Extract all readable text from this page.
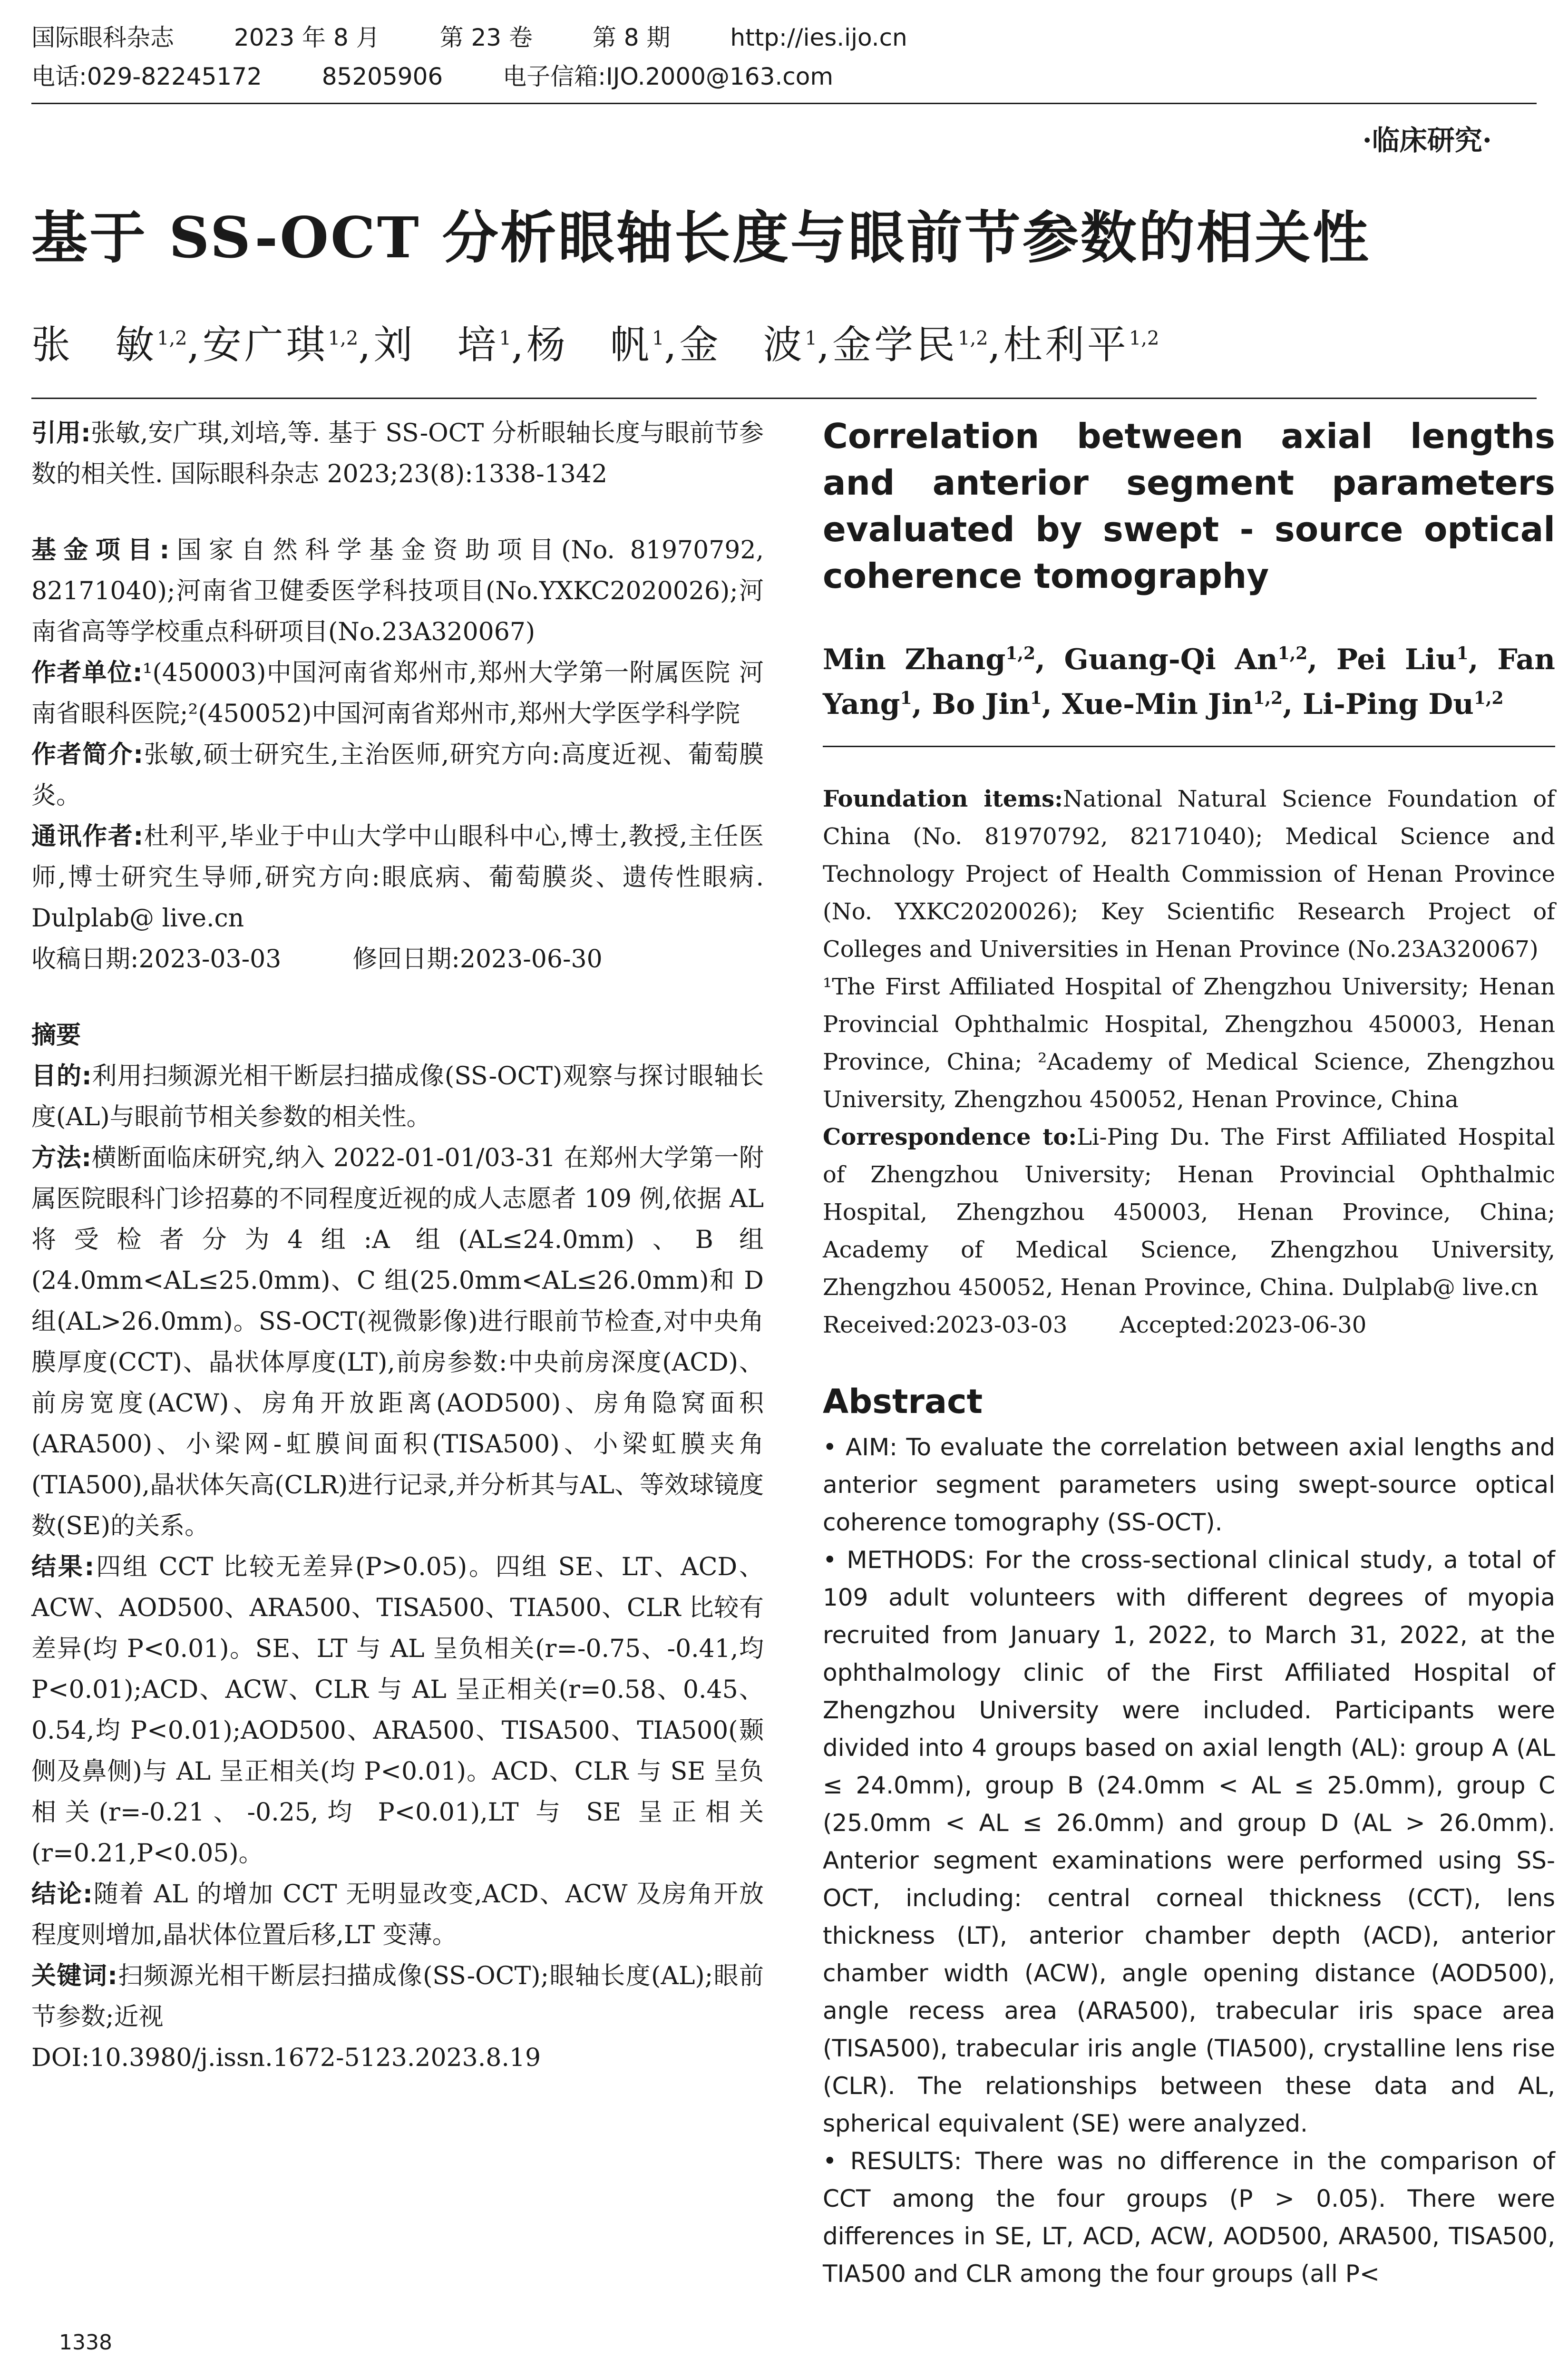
国际眼科杂志	2023 年 8 月	第 23 卷	第 8 期	http://ies.ijo.cn
电话:029-82245172	85205906	电子信箱:IJO.2000@163.com
·临床研究·
基于 SS-OCT 分析眼轴长度与眼前节参数的相关性
张　敏$^{1,2}$,安广琪$^{1,2}$,刘　培$^1$,杨　帆$^1$,金　波$^1$,金学民$^{1,2}$,杜利平$^{1,2}$

引用:张敏,安广琪,刘培,等. 基于 SS-OCT 分析眼轴长度与眼前节参数的相关性. 国际眼科杂志 2023;23(8):1338-1342

基金项目:国家自然科学基金资助项目(No. 81970792, 82171040);河南省卫健委医学科技项目(No.YXKC2020026);河南省高等学校重点科研项目(No.23A320067)

作者单位:¹(450003)中国河南省郑州市,郑州大学第一附属医院 河南省眼科医院;²(450052)中国河南省郑州市,郑州大学医学科学院

作者简介:张敏,硕士研究生,主治医师,研究方向:高度近视、葡萄膜炎。

通讯作者:杜利平,毕业于中山大学中山眼科中心,博士,教授,主任医师,博士研究生导师,研究方向:眼底病、葡萄膜炎、遗传性眼病. Dulplab@ live.cn

收稿日期:2023-03-03	修回日期:2023-06-30

摘要

目的:利用扫频源光相干断层扫描成像(SS-OCT)观察与探讨眼轴长度(AL)与眼前节相关参数的相关性。

方法:横断面临床研究,纳入 2022-01-01/03-31 在郑州大学第一附属医院眼科门诊招募的不同程度近视的成人志愿者 109 例,依据 AL 将受检者分为4组:A 组(AL≤24.0mm)、B 组(24.0mm<AL≤25.0mm)、C 组(25.0mm<AL≤26.0mm)和 D 组(AL>26.0mm)。SS-OCT(视微影像)进行眼前节检查,对中央角膜厚度(CCT)、晶状体厚度(LT),前房参数:中央前房深度(ACD)、前房宽度(ACW)、房角开放距离(AOD500)、房角隐窝面积(ARA500)、小梁网-虹膜间面积(TISA500)、小梁虹膜夹角(TIA500),晶状体矢高(CLR)进行记录,并分析其与AL、等效球镜度数(SE)的关系。

结果:四组 CCT 比较无差异(P>0.05)。四组 SE、LT、ACD、ACW、AOD500、ARA500、TISA500、TIA500、CLR 比较有差异(均 P<0.01)。SE、LT 与 AL 呈负相关(r=-0.75、-0.41,均 P<0.01);ACD、ACW、CLR 与 AL 呈正相关(r=0.58、0.45、0.54,均 P<0.01);AOD500、ARA500、TISA500、TIA500(颞侧及鼻侧)与 AL 呈正相关(均 P<0.01)。ACD、CLR 与 SE 呈负相关(r=-0.21、-0.25,均 P<0.01),LT 与 SE 呈正相关(r=0.21,P<0.05)。

结论:随着 AL 的增加 CCT 无明显改变,ACD、ACW 及房角开放程度则增加,晶状体位置后移,LT 变薄。

关键词:扫频源光相干断层扫描成像(SS-OCT);眼轴长度(AL);眼前节参数;近视

DOI:10.3980/j.issn.1672-5123.2023.8.19

Correlation between axial lengths and anterior segment parameters evaluated by swept - source optical coherence tomography

Min Zhang$^{1,2}$, Guang-Qi An$^{1,2}$, Pei Liu$^1$, Fan Yang$^1$, Bo Jin$^1$, Xue-Min Jin$^{1,2}$, Li-Ping Du$^{1,2}$

Foundation items:National Natural Science Foundation of China (No. 81970792, 82171040); Medical Science and Technology Project of Health Commission of Henan Province (No. YXKC2020026); Key Scientific Research Project of Colleges and Universities in Henan Province (No.23A320067)

¹The First Affiliated Hospital of Zhengzhou University; Henan Provincial Ophthalmic Hospital, Zhengzhou 450003, Henan Province, China; ²Academy of Medical Science, Zhengzhou University, Zhengzhou 450052, Henan Province, China

Correspondence to:Li-Ping Du. The First Affiliated Hospital of Zhengzhou University; Henan Provincial Ophthalmic Hospital, Zhengzhou 450003, Henan Province, China; Academy of Medical Science, Zhengzhou University, Zhengzhou 450052, Henan Province, China. Dulplab@ live.cn

Received:2023-03-03 Accepted:2023-06-30

Abstract

• AIM: To evaluate the correlation between axial lengths and anterior segment parameters using swept-source optical coherence tomography (SS-OCT).

• METHODS: For the cross-sectional clinical study, a total of 109 adult volunteers with different degrees of myopia recruited from January 1, 2022, to March 31, 2022, at the ophthalmology clinic of the First Affiliated Hospital of Zhengzhou University were included. Participants were divided into 4 groups based on axial length (AL): group A (AL ≤ 24.0mm), group B (24.0mm < AL ≤ 25.0mm), group C (25.0mm < AL ≤ 26.0mm) and group D (AL > 26.0mm). Anterior segment examinations were performed using SS-OCT, including: central corneal thickness (CCT), lens thickness (LT), anterior chamber depth (ACD), anterior chamber width (ACW), angle opening distance (AOD500), angle recess area (ARA500), trabecular iris space area (TISA500), trabecular iris angle (TIA500), crystalline lens rise (CLR). The relationships between these data and AL, spherical equivalent (SE) were analyzed.

• RESULTS: There was no difference in the comparison of CCT among the four groups (P > 0.05). There were differences in SE, LT, ACD, ACW, AOD500, ARA500, TISA500, TIA500 and CLR among the four groups (all P<

1338
